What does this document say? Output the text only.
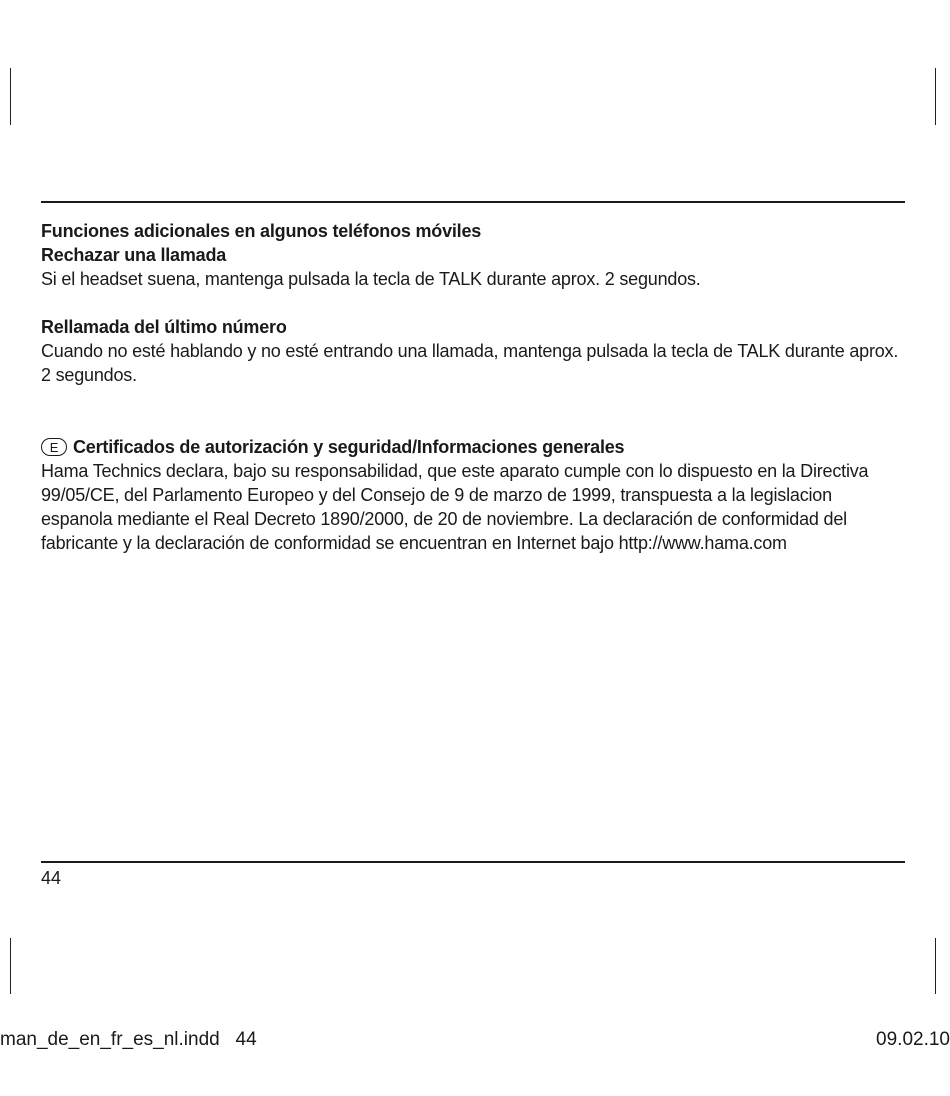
Funciones adicionales en algunos teléfonos móviles

Rechazar una llamada

Si el headset suena, mantenga pulsada la tecla de TALK durante aprox. 2 segundos.

Rellamada del último número

Cuando no esté hablando y no esté entrando una llamada, mantenga pulsada la tecla de TALK durante aprox. 2 segundos.

E Certificados de autorización y seguridad/Informaciones generales

Hama Technics declara, bajo su responsabilidad, que este aparato cumple con lo dispuesto en la Directiva 99/05/CE, del Parlamento Europeo y del Consejo de 9 de marzo de 1999, transpuesta a la legislacion espanola mediante el Real Decreto 1890/2000, de 20 de noviembre. La declaración de conformidad del fabricante y la declaración de conformidad se encuentran en Internet bajo http://www.hama.com

44
man_de_en_fr_es_nl.indd   44	09.02.10
